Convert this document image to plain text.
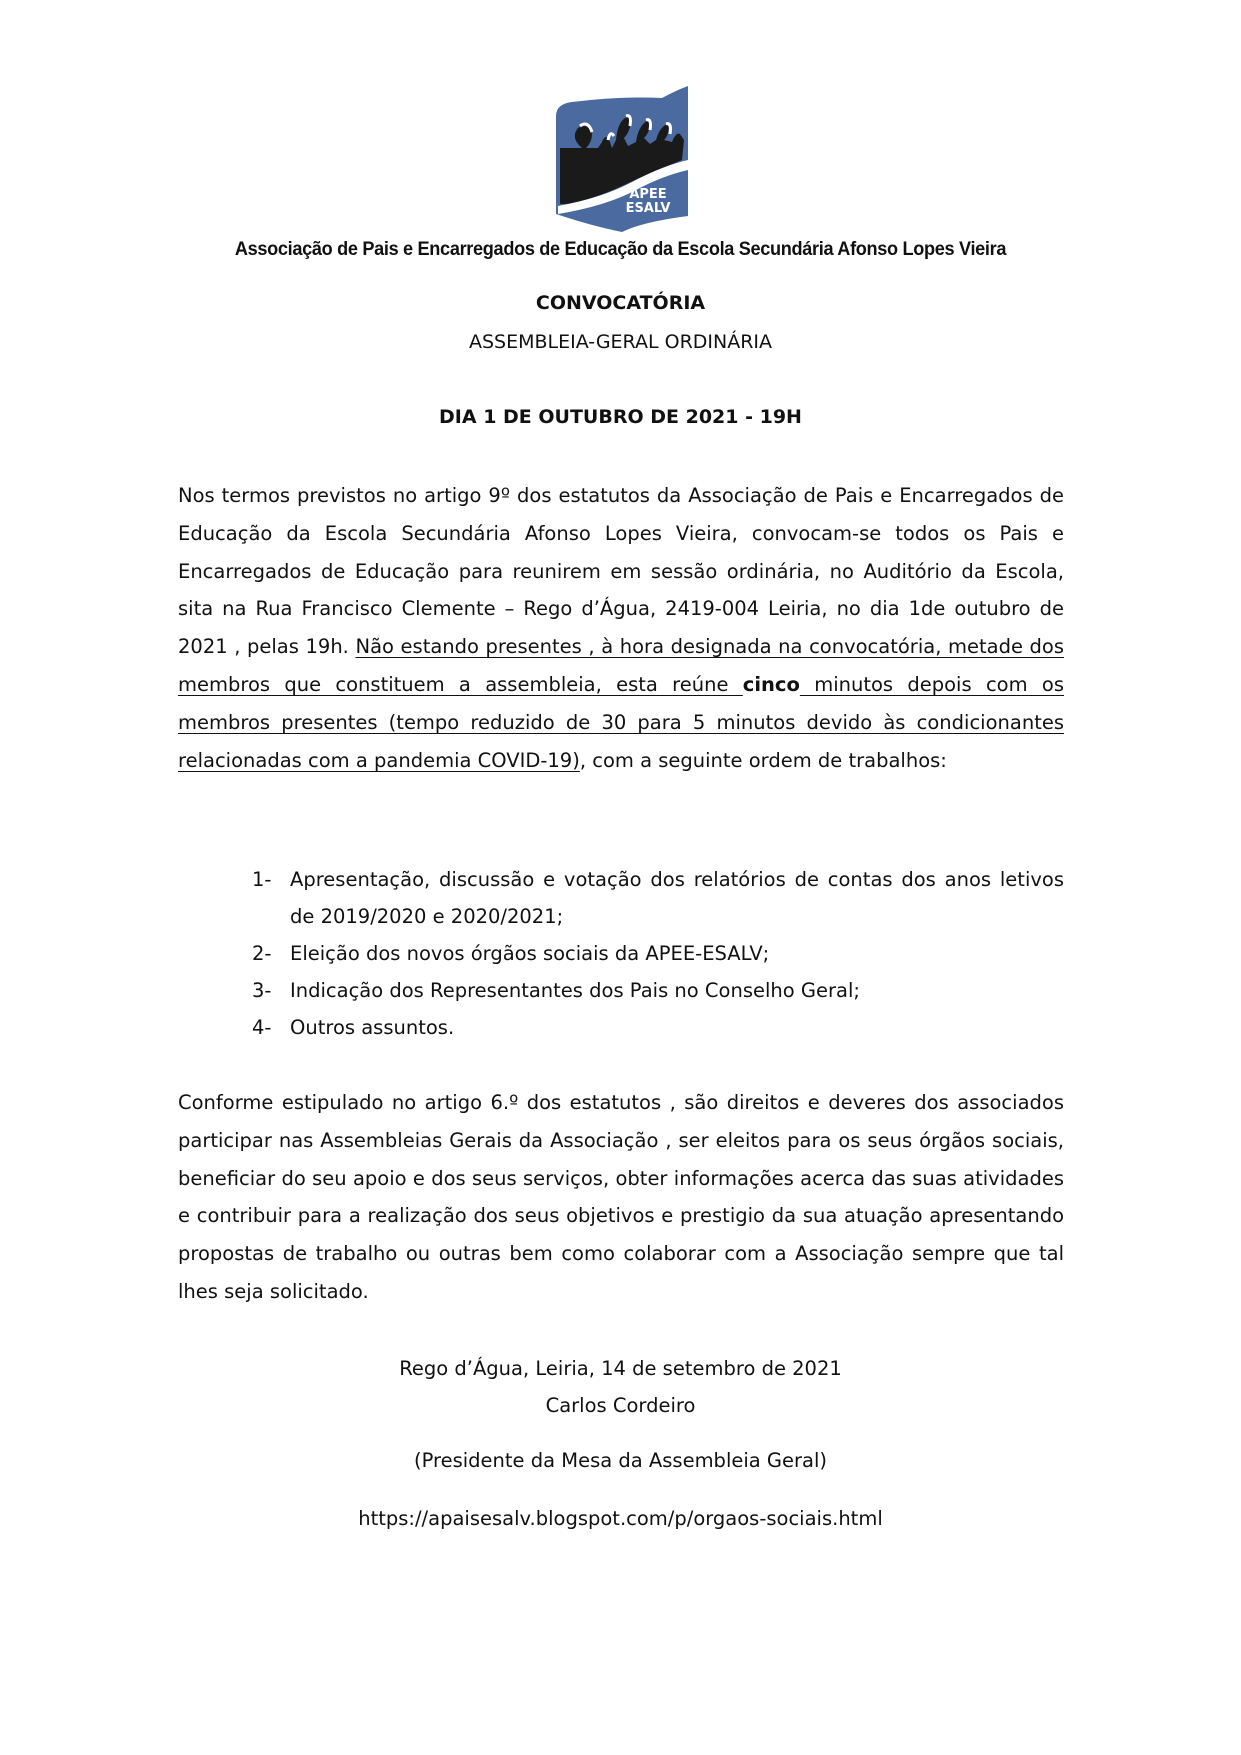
APEE
ESALV
Associação de Pais e Encarregados de Educação da Escola Secundária Afonso Lopes Vieira
CONVOCATÓRIA
ASSEMBLEIA-GERAL ORDINÁRIA
DIA 1 DE OUTUBRO DE 2021 - 19H
Nos termos previstos no artigo 9º dos estatutos da Associação de Pais e Encarregados de Educação da Escola Secundária Afonso Lopes Vieira, convocam-se todos os Pais e Encarregados de Educação para reunirem em sessão ordinária, no Auditório da Escola, sita na Rua Francisco Clemente – Rego d’Água, 2419-004 Leiria, no dia 1de outubro de 2021 , pelas 19h. Não estando presentes , à hora designada na convocatória, metade dos membros que constituem a assembleia, esta reúne cinco minutos depois com os membros presentes (tempo reduzido de 30 para 5 minutos devido às condicionantes relacionadas com a pandemia COVID-19), com a seguinte ordem de trabalhos:
1- Apresentação, discussão e votação dos relatórios de contas dos anos letivos de 2019/2020 e 2020/2021;
2- Eleição dos novos órgãos sociais da APEE-ESALV;
3- Indicação dos Representantes dos Pais no Conselho Geral;
4- Outros assuntos.
Conforme estipulado no artigo 6.º dos estatutos , são direitos e deveres dos associados participar nas Assembleias Gerais da Associação , ser eleitos para os seus órgãos sociais, beneficiar do seu apoio e dos seus serviços, obter informações acerca das suas atividades e contribuir para a realização dos seus objetivos e prestigio da sua atuação apresentando propostas de trabalho ou outras bem como colaborar com a Associação sempre que tal lhes seja solicitado.
Rego d’Água, Leiria, 14 de setembro de 2021
Carlos Cordeiro
(Presidente da Mesa da Assembleia Geral)
https://apaisesalv.blogspot.com/p/orgaos-sociais.html
